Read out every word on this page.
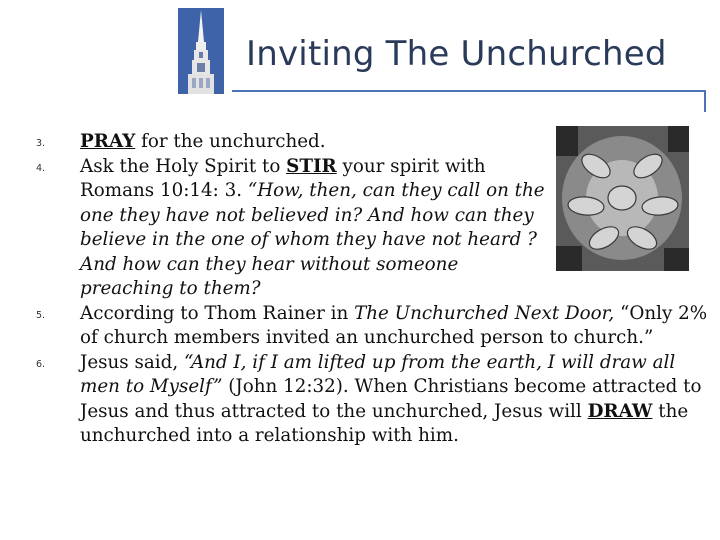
Inviting The Unchurched
3. PRAY for the unchurched.
4. Ask the Holy Spirit to STIR your spirit with Romans 10:14: 3. “How, then, can they call on the one they have not believed in? And how can they believe in the one of whom they have not heard ? And how can they hear without someone preaching to them?
5. According to Thom Rainer in The Unchurched Next Door, “Only 2% of church members invited an unchurched person to church.”
6. Jesus said, “And I, if I am lifted up from the earth, I will draw all men to Myself” (John 12:32). When Christians become attracted to Jesus and thus attracted to the unchurched, Jesus will DRAW the unchurched into a relationship with him.
